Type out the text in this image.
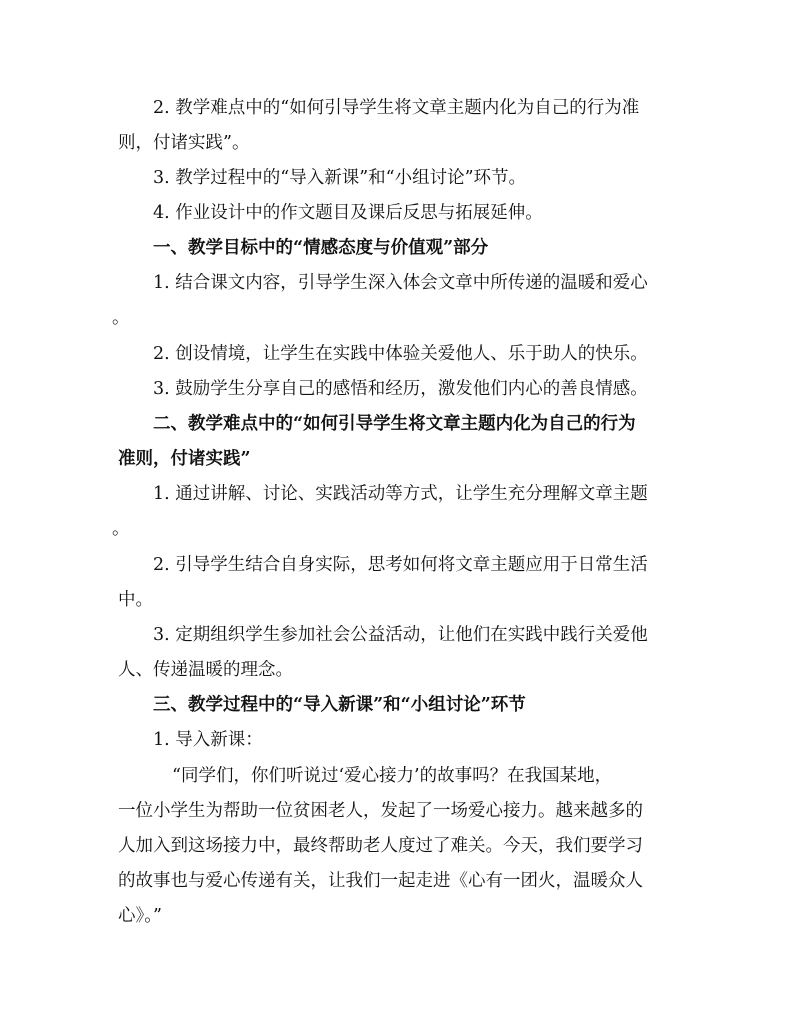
2. 教学难点中的“如何引导学生将文章主题内化为自己的行为准
则，付诸实践”。
3. 教学过程中的“导入新课”和“小组讨论”环节。
4. 作业设计中的作文题目及课后反思与拓展延伸。
一、教学目标中的“情感态度与价值观”部分
1. 结合课文内容，引导学生深入体会文章中所传递的温暖和爱心
。
2. 创设情境，让学生在实践中体验关爱他人、乐于助人的快乐。
3. 鼓励学生分享自己的感悟和经历，激发他们内心的善良情感。
二、教学难点中的“如何引导学生将文章主题内化为自己的行为
准则，付诸实践”
1. 通过讲解、讨论、实践活动等方式，让学生充分理解文章主题
。
2. 引导学生结合自身实际，思考如何将文章主题应用于日常生活
中。
3. 定期组织学生参加社会公益活动，让他们在实践中践行关爱他
人、传递温暖的理念。
三、教学过程中的“导入新课”和“小组讨论”环节
1. 导入新课：
“同学们，你们听说过‘爱心接力’的故事吗？在我国某地，
一位小学生为帮助一位贫困老人，发起了一场爱心接力。越来越多的
人加入到这场接力中，最终帮助老人度过了难关。今天，我们要学习
的故事也与爱心传递有关，让我们一起走进《心有一团火，温暖众人
心》。”
